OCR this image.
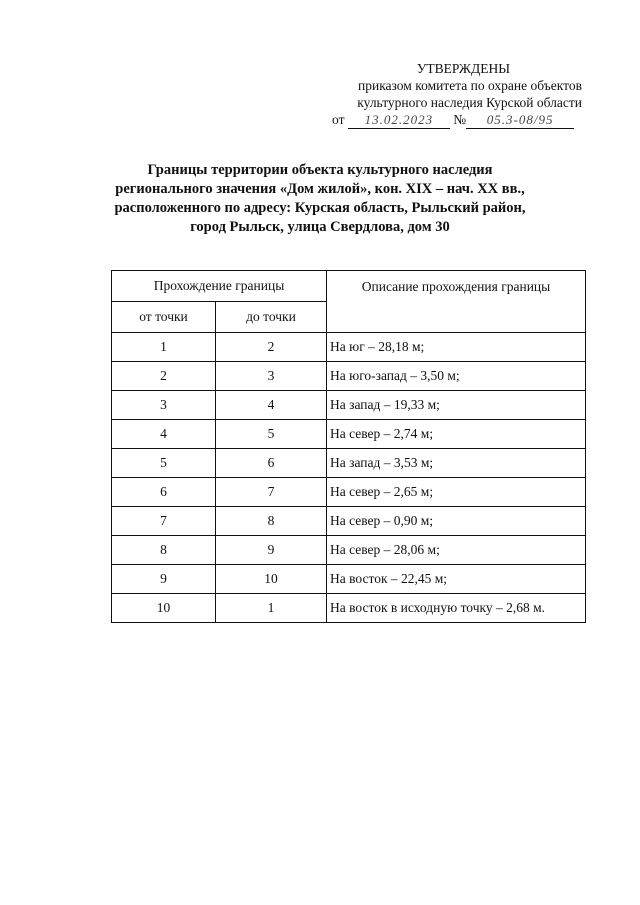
УТВЕРЖДЕНЫ
приказом комитета по охране объектов
культурного наследия Курской области
от 13.02.2023 № 05.3-08/95
Границы территории объекта культурного наследия
регионального значения «Дом жилой», кон. XIX – нач. XX вв.,
расположенного по адресу: Курская область, Рыльский район,
город Рыльск, улица Свердлова, дом 30
Прохождение границы		Описание прохождения границы
от точки	до точки	
1	2	На юг – 28,18 м;
2	3	На юго-запад – 3,50 м;
3	4	На запад – 19,33 м;
4	5	На север – 2,74 м;
5	6	На запад – 3,53 м;
6	7	На север – 2,65 м;
7	8	На север – 0,90 м;
8	9	На север – 28,06 м;
9	10	На восток – 22,45 м;
10	1	На восток в исходную точку – 2,68 м.
